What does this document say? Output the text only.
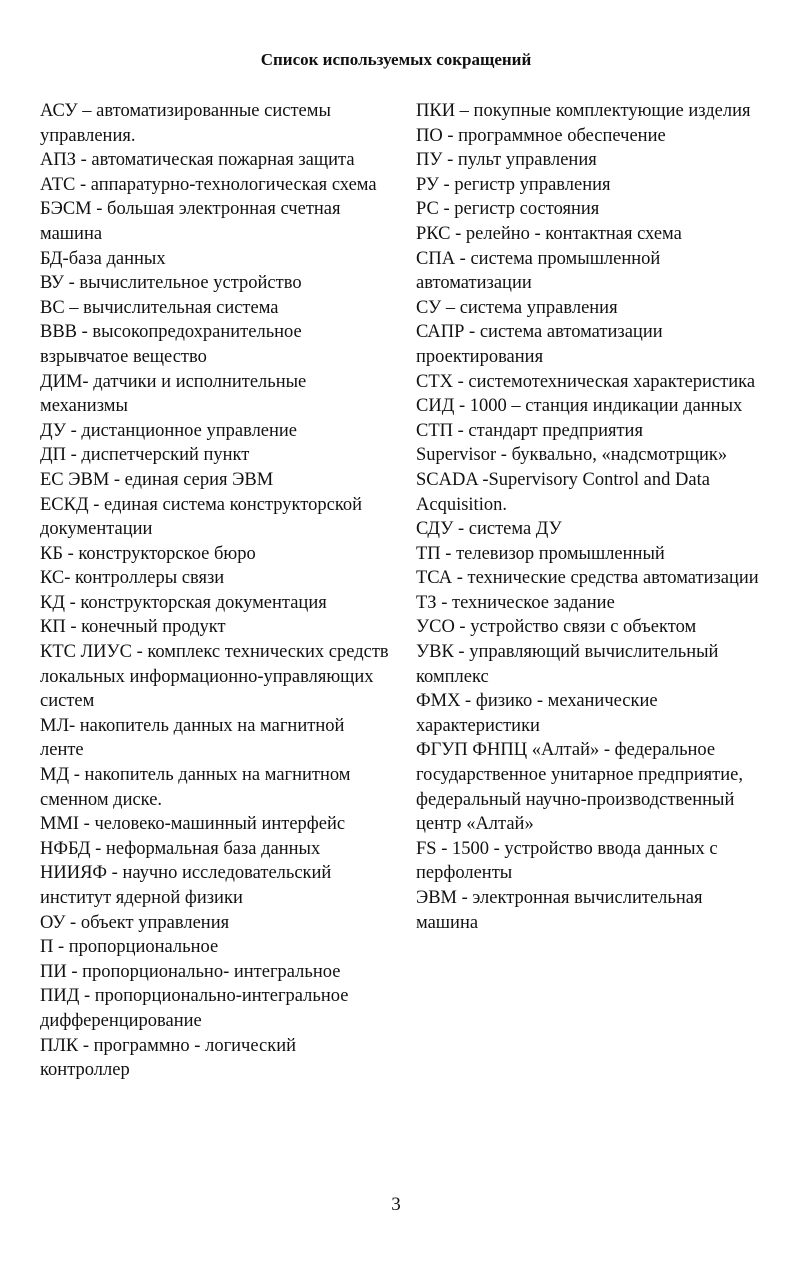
Список используемых сокращений

АСУ – автоматизированные системы управления.

АПЗ - автоматическая пожарная защита

АТС - аппаратурно-технологическая схема

БЭСМ - большая электронная счетная машина

БД-база данных

ВУ - вычислительное устройство

ВС – вычислительная система

ВВВ - высокопредохранительное взрывчатое вещество

ДИМ- датчики и исполнительные механизмы

ДУ - дистанционное управление

ДП - диспетчерский пункт

ЕС ЭВМ - единая серия ЭВМ

ЕСКД - единая система конструкторской документации

КБ - конструкторское бюро

КС- контроллеры связи

КД - конструкторская документация

КП - конечный продукт

КТС ЛИУС - комплекс технических средств локальных информационно-управляющих систем

МЛ- накопитель данных на магнитной ленте

МД - накопитель данных на магнитном сменном диске.

ММI - человеко-машинный интерфейс

НФБД - неформальная база данных

НИИЯФ - научно исследовательский институт ядерной физики

ОУ - объект управления

П - пропорциональное

ПИ - пропорционально- интегральное

ПИД - пропорционально-интегральное дифференцирование

ПЛК - программно - логический контроллер

ПКИ – покупные комплектующие изделия

ПО - программное обеспечение

ПУ - пульт управления

РУ - регистр управления

РС - регистр состояния

РКС - релейно - контактная схема

СПА - система промышленной автоматизации

СУ – система управления

САПР - система автоматизации проектирования

СТХ - системотехническая характеристика

СИД - 1000 – станция индикации данных

СТП - стандарт предприятия

Supervisor - буквально, «надсмотрщик»

SCADA -Supervisory Control and Data Acquisition.

СДУ - система ДУ

ТП - телевизор промышленный

ТСА - технические средства автоматизации

ТЗ - техническое задание

УСО - устройство связи с объектом

УВК - управляющий вычислительный комплекс

ФМХ - физико - механические характеристики

ФГУП ФНПЦ «Алтай» - федеральное государственное унитарное предприятие, федеральный научно-производственный центр «Алтай»

FS - 1500 - устройство ввода данных с перфоленты

ЭВМ - электронная вычислительная машина

3
